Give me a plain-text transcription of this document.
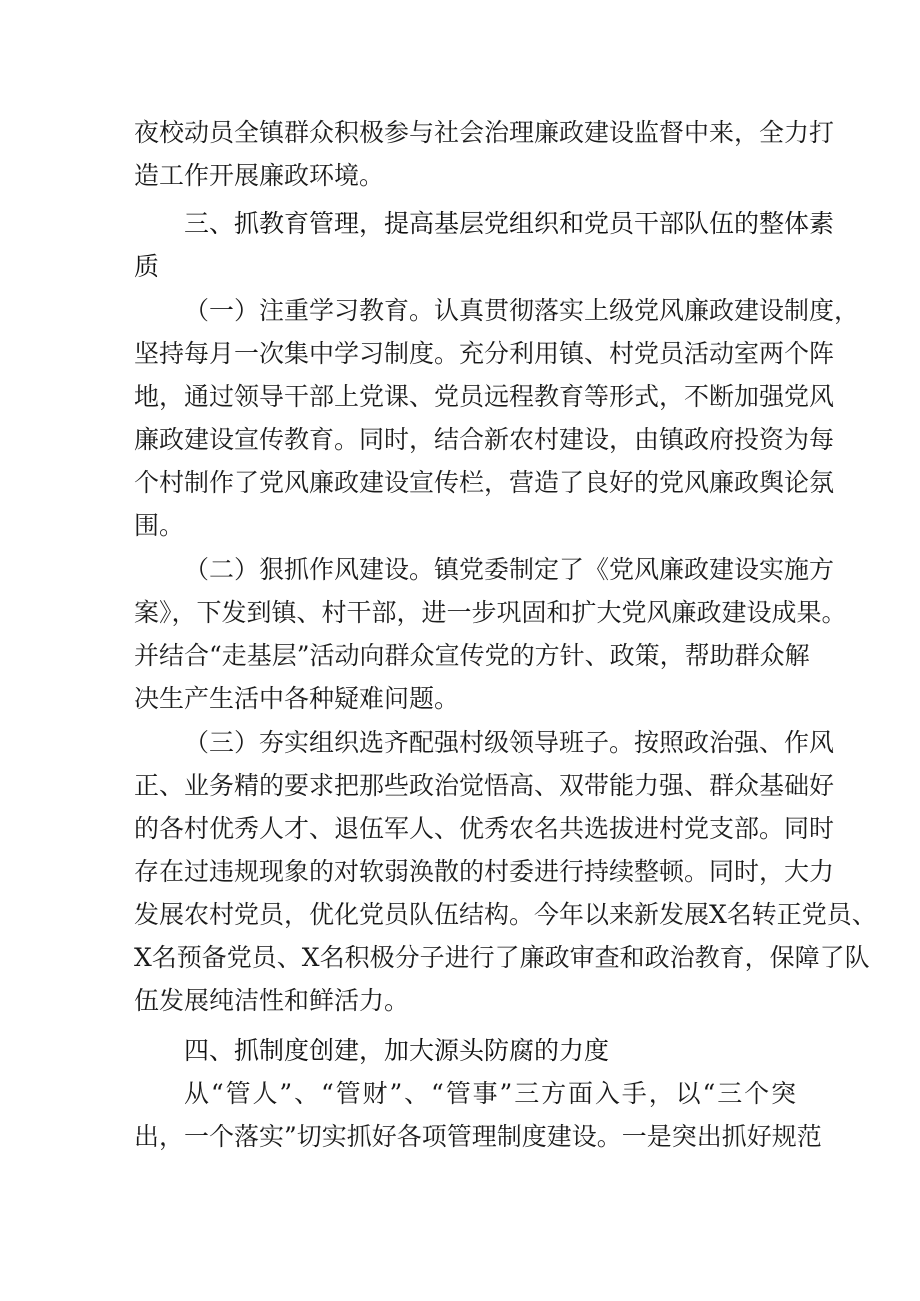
夜校动员全镇群众积极参与社会治理廉政建设监督中来，全力打
造工作开展廉政环境。
三、抓教育管理，提高基层党组织和党员干部队伍的整体素
质
（一）注重学习教育。认真贯彻落实上级党风廉政建设制度，
坚持每月一次集中学习制度。充分利用镇、村党员活动室两个阵
地，通过领导干部上党课、党员远程教育等形式，不断加强党风
廉政建设宣传教育。同时，结合新农村建设，由镇政府投资为每
个村制作了党风廉政建设宣传栏，营造了良好的党风廉政舆论氛
围。
（二）狠抓作风建设。镇党委制定了《党风廉政建设实施方
案》，下发到镇、村干部，进一步巩固和扩大党风廉政建设成果。
并结合“走基层”活动向群众宣传党的方针、政策，帮助群众解
决生产生活中各种疑难问题。
（三）夯实组织选齐配强村级领导班子。按照政治强、作风
正、业务精的要求把那些政治觉悟高、双带能力强、群众基础好
的各村优秀人才、退伍军人、优秀农名共选拔进村党支部。同时
存在过违规现象的对软弱涣散的村委进行持续整顿。同时，大力
发展农村党员，优化党员队伍结构。今年以来新发展X名转正党员、
X名预备党员、X名积极分子进行了廉政审查和政治教育，保障了队
伍发展纯洁性和鲜活力。
四、抓制度创建，加大源头防腐的力度
从“管人”、“管财”、“管事”三方面入手，以“三个突
出，一个落实”切实抓好各项管理制度建设。一是突出抓好规范
